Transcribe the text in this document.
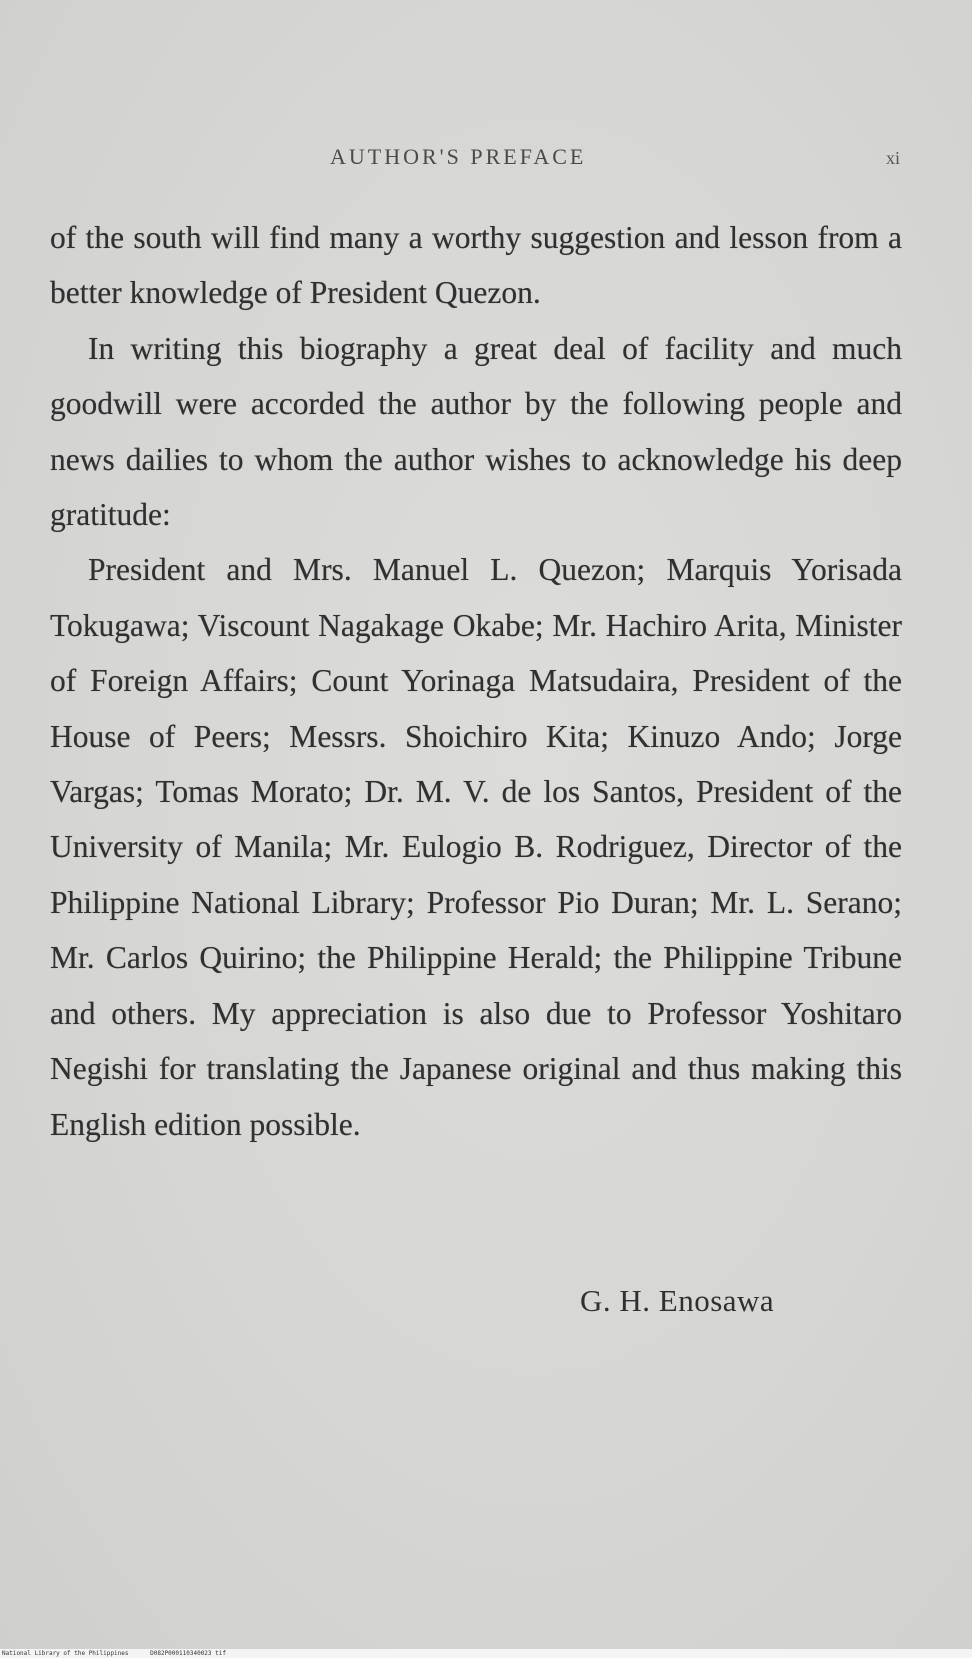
AUTHOR'S PREFACE	xi

of the south will find many a worthy suggestion and lesson from a better knowledge of President Quezon.

In writing this biography a great deal of facility and much goodwill were accorded the author by the following people and news dailies to whom the author wishes to acknowledge his deep gratitude:

President and Mrs. Manuel L. Quezon; Marquis Yorisada Tokugawa; Viscount Nagakage Okabe; Mr. Hachiro Arita, Minister of Foreign Affairs; Count Yorinaga Matsudaira, President of the House of Peers; Messrs. Shoichiro Kita; Kinuzo Ando; Jorge Vargas; Tomas Morato; Dr. M. V. de los Santos, President of the University of Manila; Mr. Eulogio B. Rodriguez, Director of the Philippine National Library; Professor Pio Duran; Mr. L. Serano; Mr. Carlos Quirino; the Philippine Herald; the Philippine Tribune and others. My appreciation is also due to Professor Yoshitaro Negishi for translating the Japanese original and thus making this English edition possible.

G. H. Enosawa
National Library of the Philippines	D082P000110340023 tif
